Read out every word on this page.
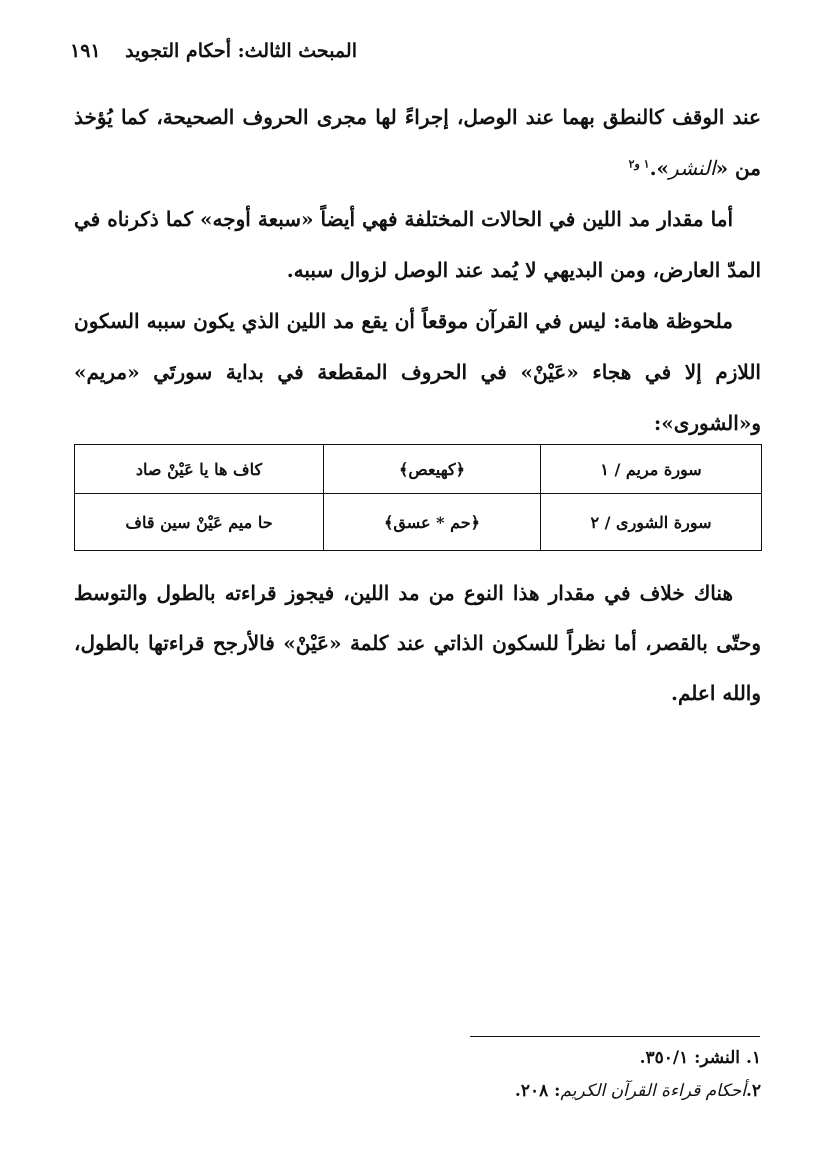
المبحث الثالث: أحكام التجويد
١٩١

عند الوقف كالنطق بهما عند الوصل، إجراءً لها مجرى الحروف الصحيحة، كما يُؤخذ من «النشر».$^{١ و٢}$

أما مقدار مد اللين في الحالات المختلفة فهي أيضاً «سبعة أوجه» كما ذكرناه في المدّ العارض، ومن البديهي لا يُمد عند الوصل لزوال سببه.

ملحوظة هامة: ليس في القرآن موقعاً أن يقع مد اللين الذي يكون سببه السكون اللازم إلا في هجاء «عَيْنْ» في الحروف المقطعة في بداية سورتَي «مريم» و«الشورى»:

سورة مريم / ١	﴿كهيعص﴾	كاف ها يا عَيْنْ صاد
سورة الشورى / ٢	﴿حم * عسق﴾	حا ميم عَيْنْ سين قاف

هناك خلاف في مقدار هذا النوع من مد اللين، فيجوز قراءته بالطول والتوسط وحتّى بالقصر، أما نظراً للسكون الذاتي عند كلمة «عَيْنْ» فالأرجح قراءتها بالطول، والله اعلم.

١. النشر: ٣٥٠/١.

٢.أحكام قراءة القرآن الكريم: ٢٠٨.
